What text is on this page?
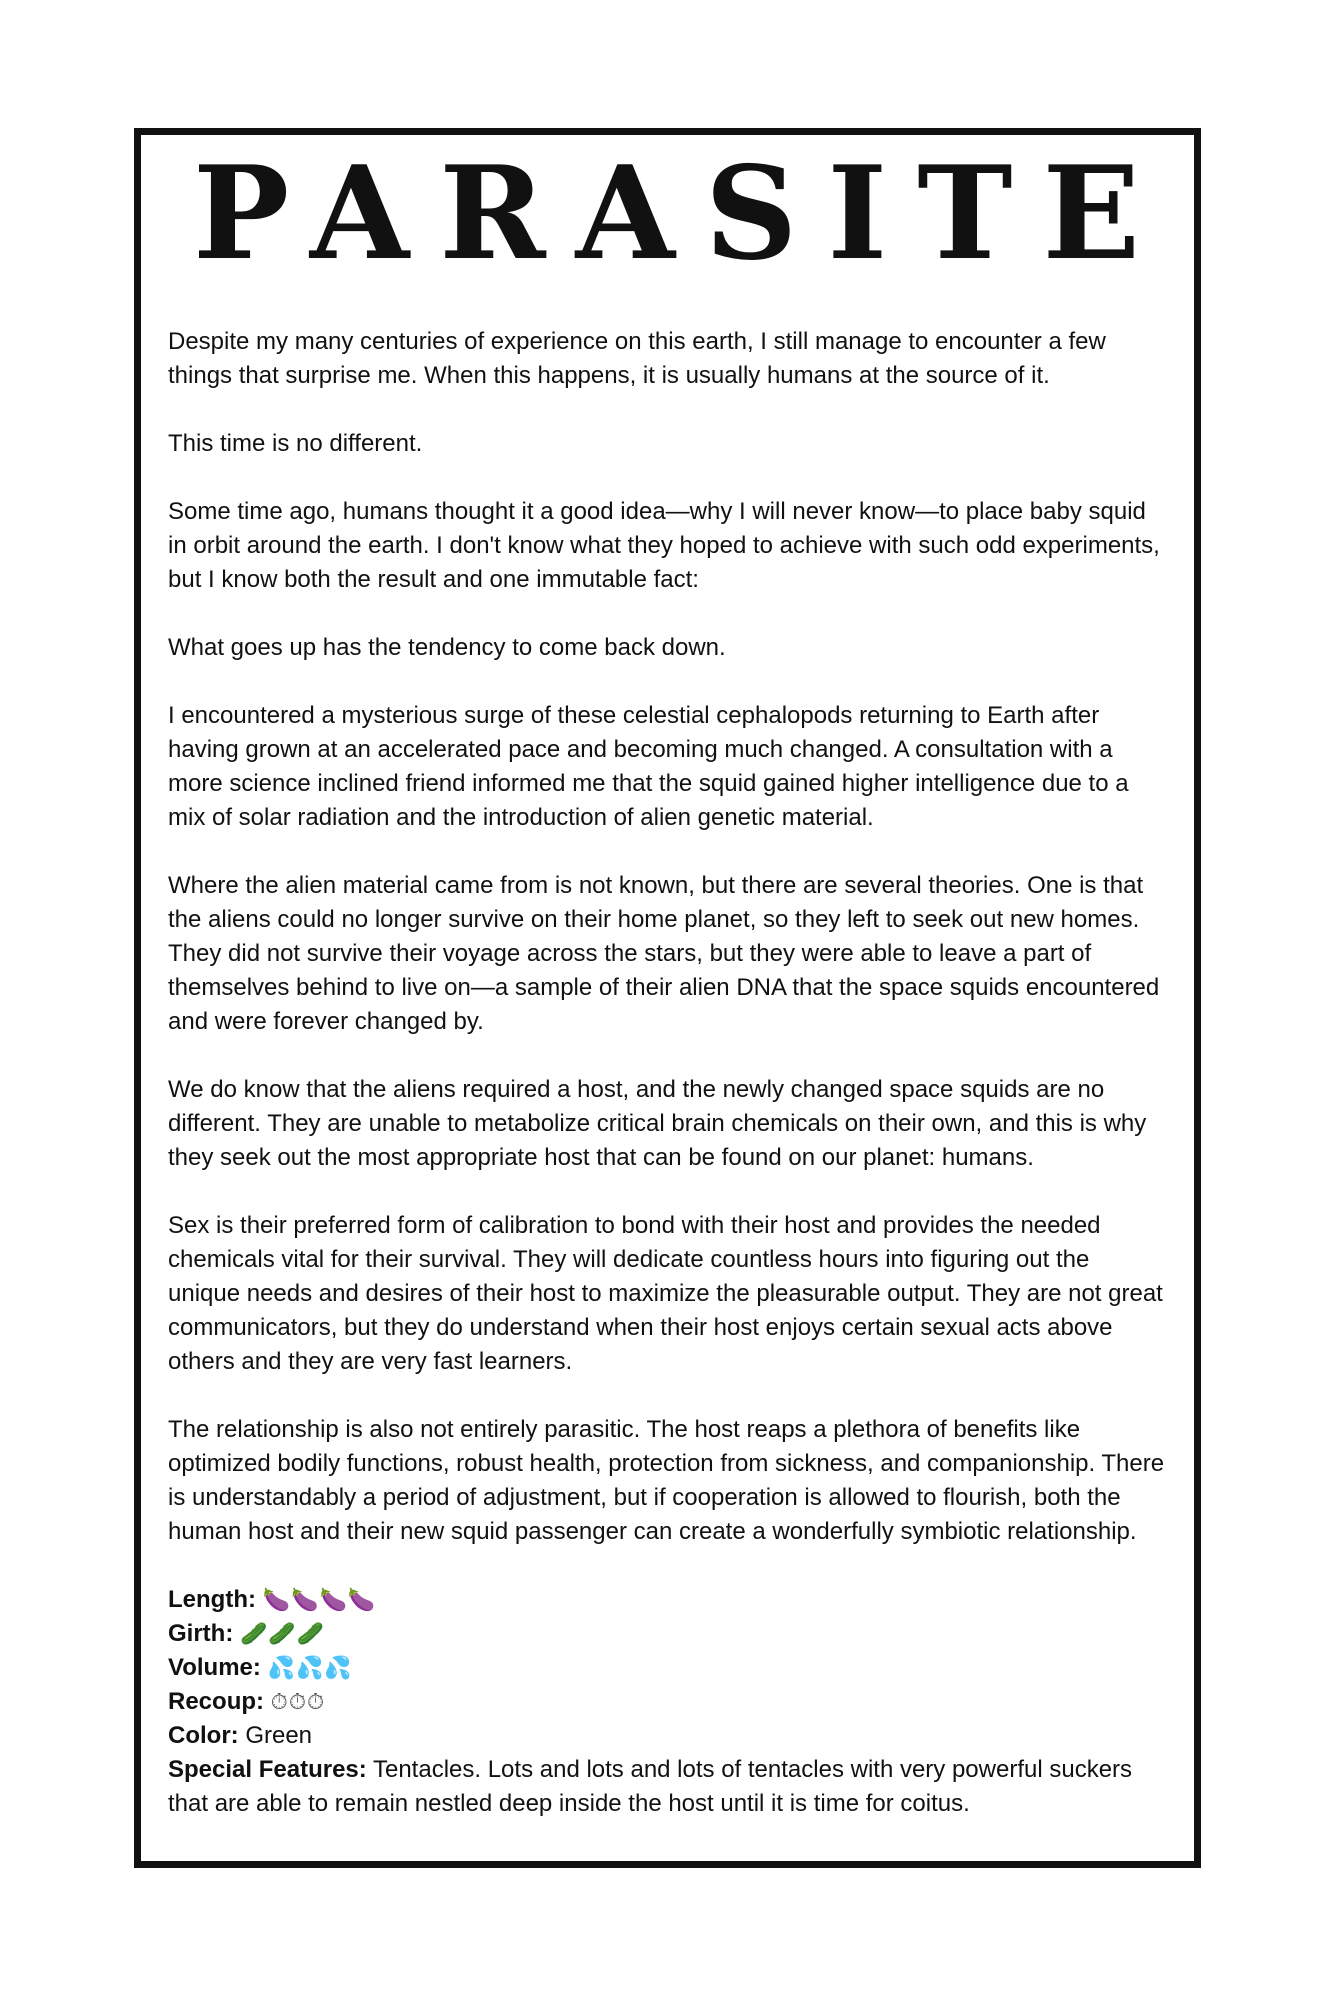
PARASITE

Despite my many centuries of experience on this earth, I still manage to encounter a few things that surprise me. When this happens, it is usually humans at the source of it.

This time is no different.

Some time ago, humans thought it a good idea—why I will never know—to place baby squid in orbit around the earth. I don't know what they hoped to achieve with such odd experiments, but I know both the result and one immutable fact:

What goes up has the tendency to come back down.

I encountered a mysterious surge of these celestial cephalopods returning to Earth after having grown at an accelerated pace and becoming much changed. A consultation with a more science inclined friend informed me that the squid gained higher intelligence due to a mix of solar radiation and the introduction of alien genetic material.

Where the alien material came from is not known, but there are several theories. One is that the aliens could no longer survive on their home planet, so they left to seek out new homes. They did not survive their voyage across the stars, but they were able to leave a part of themselves behind to live on—a sample of their alien DNA that the space squids encountered and were forever changed by.

We do know that the aliens required a host, and the newly changed space squids are no different. They are unable to metabolize critical brain chemicals on their own, and this is why they seek out the most appropriate host that can be found on our planet: humans.

Sex is their preferred form of calibration to bond with their host and provides the needed chemicals vital for their survival. They will dedicate countless hours into figuring out the unique needs and desires of their host to maximize the pleasurable output. They are not great communicators, but they do understand when their host enjoys certain sexual acts above others and they are very fast learners.

The relationship is also not entirely parasitic. The host reaps a plethora of benefits like optimized bodily functions, robust health, protection from sickness, and companionship. There is understandably a period of adjustment, but if cooperation is allowed to flourish, both the human host and their new squid passenger can create a wonderfully symbiotic relationship.

Length: 🍆🍆🍆🍆
Girth: 🥒🥒🥒
Volume: 💦💦💦
Recoup: ⏱⏱⏱
Color: Green
Special Features: Tentacles. Lots and lots and lots of tentacles with very powerful suckers that are able to remain nestled deep inside the host until it is time for coitus.
